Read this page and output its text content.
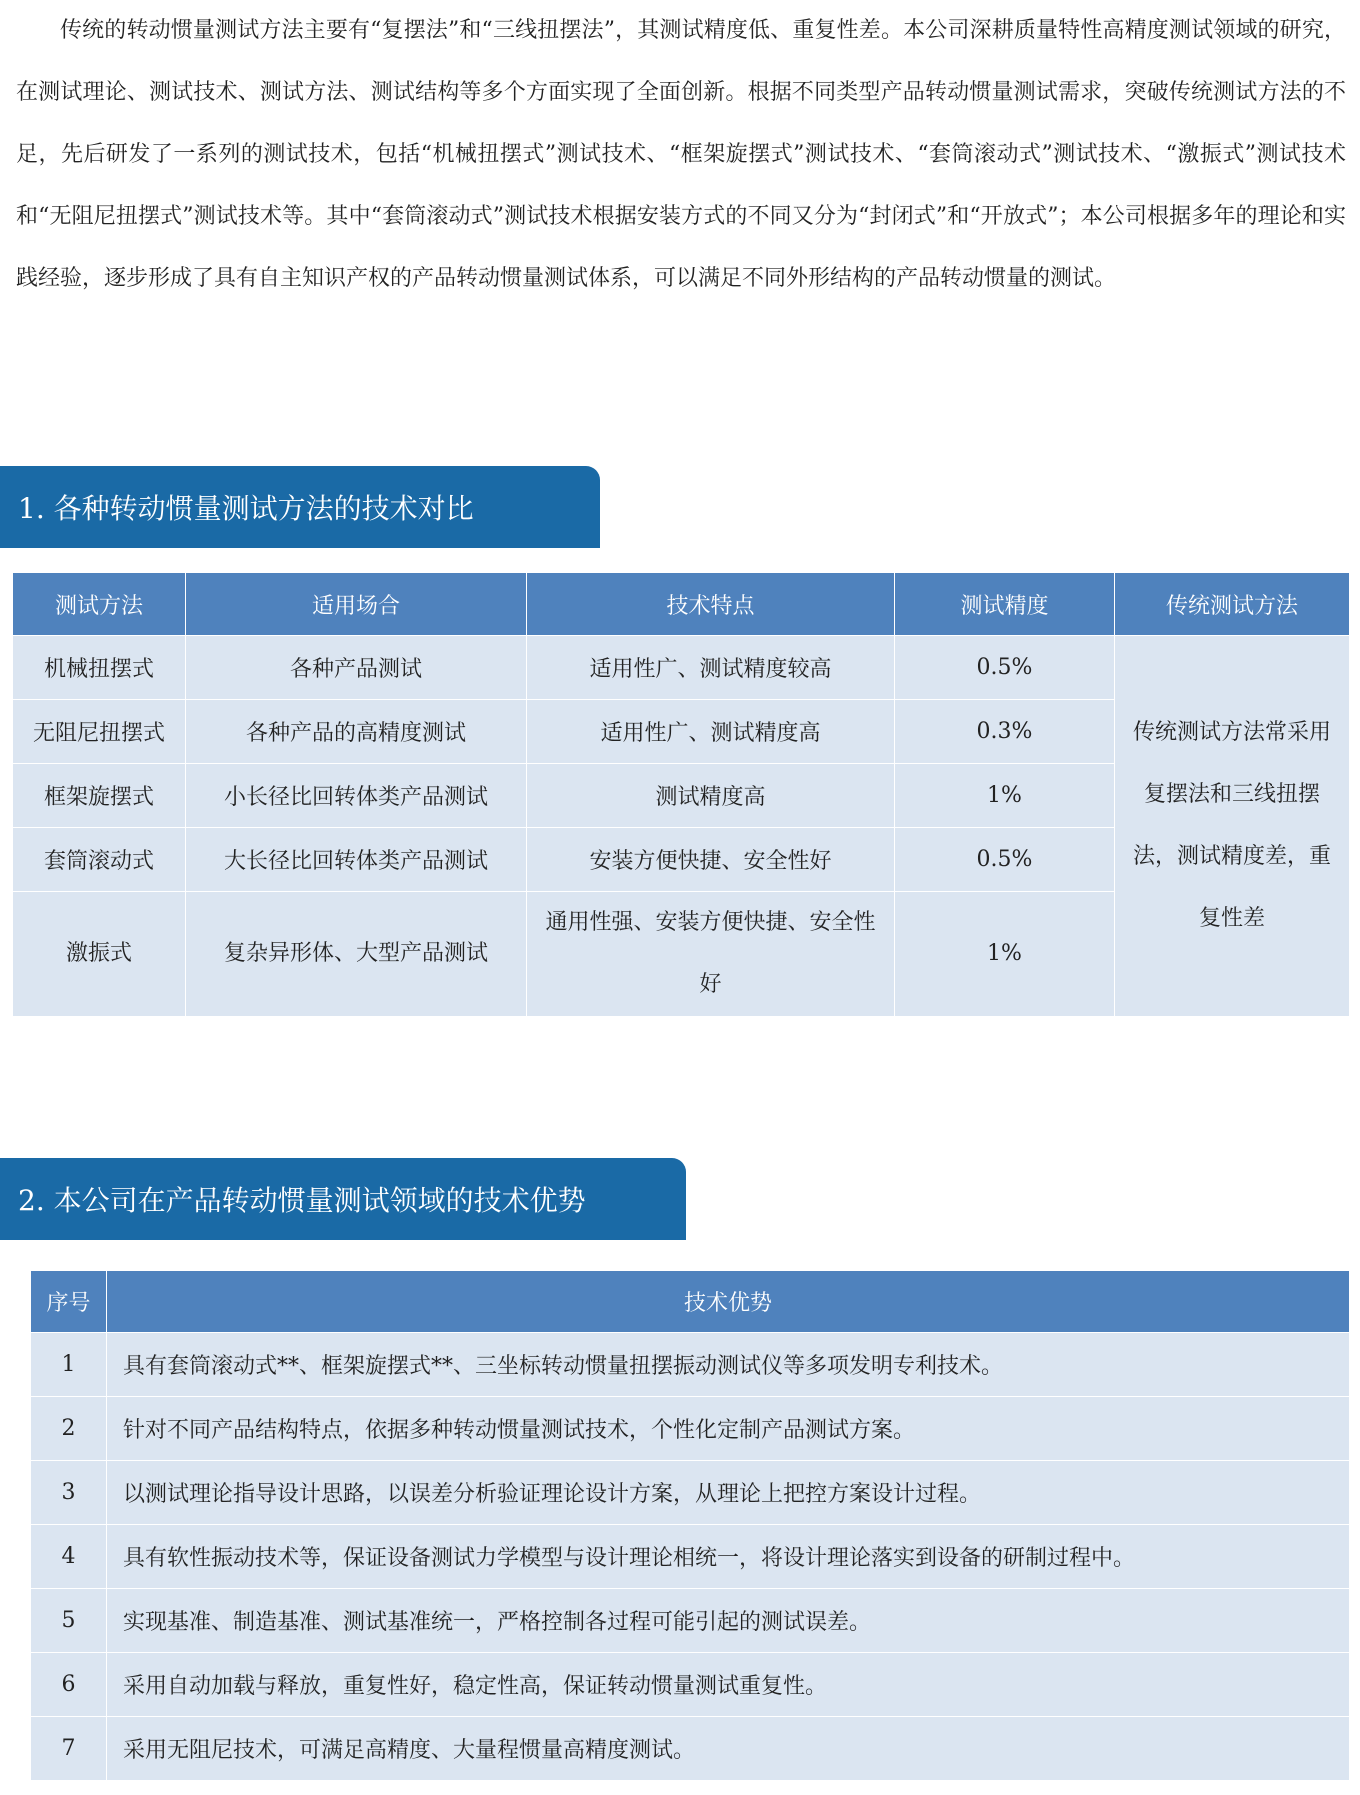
传统的转动惯量测试方法主要有“复摆法”和“三线扭摆法”，其测试精度低、重复性差。本公司深耕质量特性高精度测试领域的研究，在测试理论、测试技术、测试方法、测试结构等多个方面实现了全面创新。根据不同类型产品转动惯量测试需求，突破传统测试方法的不足，先后研发了一系列的测试技术，包括“机械扭摆式”测试技术、“框架旋摆式”测试技术、“套筒滚动式”测试技术、“激振式”测试技术和“无阻尼扭摆式”测试技术等。其中“套筒滚动式”测试技术根据安装方式的不同又分为“封闭式”和“开放式”；本公司根据多年的理论和实践经验，逐步形成了具有自主知识产权的产品转动惯量测试体系，可以满足不同外形结构的产品转动惯量的测试。

1. 各种转动惯量测试方法的技术对比
测试方法	适用场合	技术特点	测试精度	传统测试方法
机械扭摆式	各种产品测试	适用性广、测试精度较高	0.5%	传统测试方法常采用复摆法和三线扭摆法，测试精度差，重复性差
无阻尼扭摆式	各种产品的高精度测试	适用性广、测试精度高	0.3%	
框架旋摆式	小长径比回转体类产品测试	测试精度高	1%	
套筒滚动式	大长径比回转体类产品测试	安装方便快捷、安全性好	0.5%	
激振式	复杂异形体、大型产品测试	通用性强、安装方便快捷、安全性好	1%	
2. 本公司在产品转动惯量测试领域的技术优势
序号	技术优势
1	具有套筒滚动式**、框架旋摆式**、三坐标转动惯量扭摆振动测试仪等多项发明专利技术。
2	针对不同产品结构特点，依据多种转动惯量测试技术，个性化定制产品测试方案。
3	以测试理论指导设计思路，以误差分析验证理论设计方案，从理论上把控方案设计过程。
4	具有软性振动技术等，保证设备测试力学模型与设计理论相统一，将设计理论落实到设备的研制过程中。
5	实现基准、制造基准、测试基准统一，严格控制各过程可能引起的测试误差。
6	采用自动加载与释放，重复性好，稳定性高，保证转动惯量测试重复性。
7	采用无阻尼技术，可满足高精度、大量程惯量高精度测试。
